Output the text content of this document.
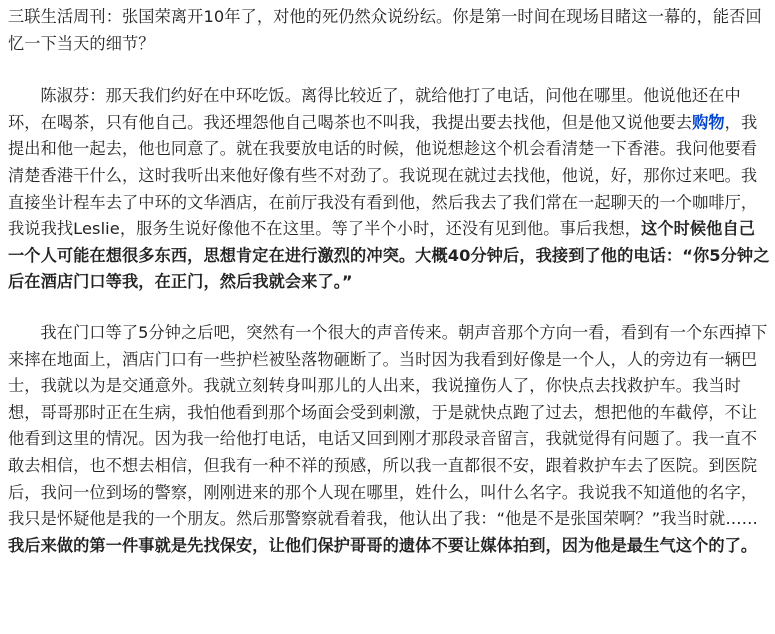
三联生活周刊：张国荣离开10年了，对他的死仍然众说纷纭。你是第一时间在现场目睹这一幕的，能否回忆一下当天的细节？

陈淑芬：那天我们约好在中环吃饭。离得比较近了，就给他打了电话，问他在哪里。他说他还在中环，在喝茶，只有他自己。我还埋怨他自己喝茶也不叫我，我提出要去找他，但是他又说他要去购物，我提出和他一起去，他也同意了。就在我要放电话的时候，他说想趁这个机会看清楚一下香港。我问他要看清楚香港干什么，这时我听出来他好像有些不对劲了。我说现在就过去找他，他说，好，那你过来吧。我直接坐计程车去了中环的文华酒店，在前厅我没有看到他，然后我去了我们常在一起聊天的一个咖啡厅，我说我找Leslie，服务生说好像他不在这里。等了半个小时，还没有见到他。事后我想，这个时候他自己一个人可能在想很多东西，思想肯定在进行激烈的冲突。大概40分钟后，我接到了他的电话：“你5分钟之后在酒店门口等我，在正门，然后我就会来了。”

我在门口等了5分钟之后吧，突然有一个很大的声音传来。朝声音那个方向一看，看到有一个东西掉下来摔在地面上，酒店门口有一些护栏被坠落物砸断了。当时因为我看到好像是一个人，人的旁边有一辆巴士，我就以为是交通意外。我就立刻转身叫那儿的人出来，我说撞伤人了，你快点去找救护车。我当时想，哥哥那时正在生病，我怕他看到那个场面会受到刺激，于是就快点跑了过去，想把他的车截停，不让他看到这里的情况。因为我一给他打电话，电话又回到刚才那段录音留言，我就觉得有问题了。我一直不敢去相信，也不想去相信，但我有一种不祥的预感，所以我一直都很不安，跟着救护车去了医院。到医院后，我问一位到场的警察，刚刚进来的那个人现在哪里，姓什么，叫什么名字。我说我不知道他的名字，我只是怀疑他是我的一个朋友。然后那警察就看着我，他认出了我：“他是不是张国荣啊？”我当时就……我后来做的第一件事就是先找保安，让他们保护哥哥的遗体不要让媒体拍到，因为他是最生气这个的了。
